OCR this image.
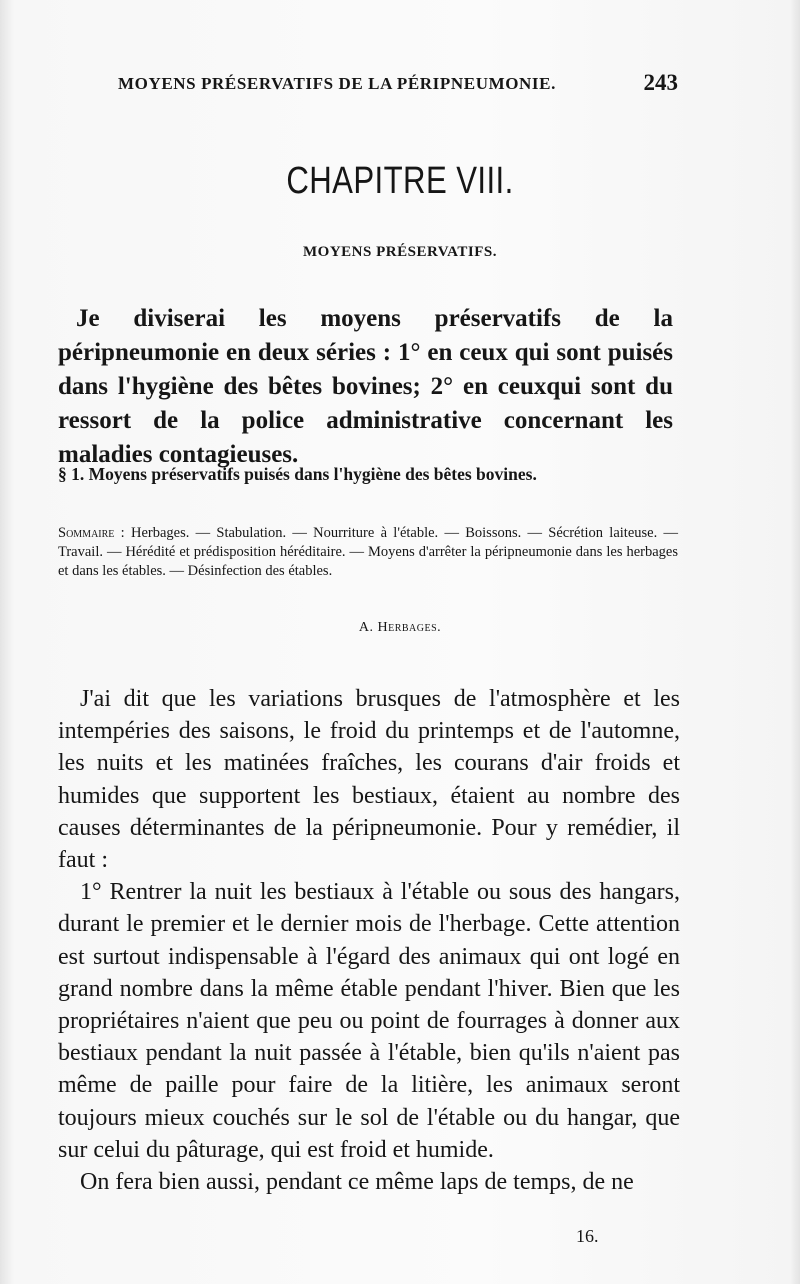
MOYENS PRÉSERVATIFS DE LA PÉRIPNEUMONIE.	243
CHAPITRE VIII.
MOYENS PRÉSERVATIFS.

Je diviserai les moyens préservatifs de la péripneumonie en deux séries : 1° en ceux qui sont puisés dans l'hygiène des bêtes bovines; 2° en ceuxqui sont du ressort de la police administrative concernant les maladies contagieuses.

§ 1. Moyens préservatifs puisés dans l'hygiène des bêtes bovines.
Sommaire : Herbages. — Stabulation. — Nourriture à l'étable. — Boissons. — Sécrétion laiteuse. — Travail. — Hérédité et prédisposition héréditaire. — Moyens d'arrêter la péripneumonie dans les herbages et dans les étables. — Désinfection des étables.
A. Herbages.

J'ai dit que les variations brusques de l'atmosphère et les intempéries des saisons, le froid du printemps et de l'automne, les nuits et les matinées fraîches, les courans d'air froids et humides que supportent les bestiaux, étaient au nombre des causes déterminantes de la péripneumonie. Pour y remédier, il faut :

1° Rentrer la nuit les bestiaux à l'étable ou sous des hangars, durant le premier et le dernier mois de l'herbage. Cette attention est surtout indispensable à l'égard des animaux qui ont logé en grand nombre dans la même étable pendant l'hiver. Bien que les propriétaires n'aient que peu ou point de fourrages à donner aux bestiaux pendant la nuit passée à l'étable, bien qu'ils n'aient pas même de paille pour faire de la litière, les animaux seront toujours mieux couchés sur le sol de l'étable ou du hangar, que sur celui du pâturage, qui est froid et humide.

On fera bien aussi, pendant ce même laps de temps, de ne

16.
